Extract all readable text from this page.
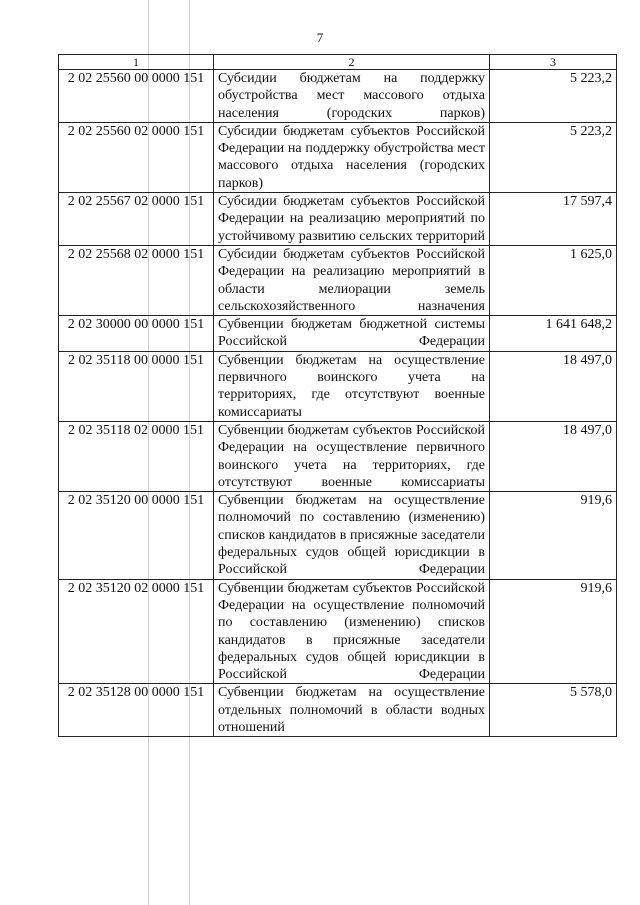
7
1	2	3
2 02 25560 00 0000 151	Субсидии бюджетам на поддержку обустройства мест массового отдыха населения (городских парков)	5 223,2
2 02 25560 02 0000 151	Субсидии бюджетам субъектов Российской Федерации на поддержку обустройства мест массового отдыха населения (городских парков)	5 223,2
2 02 25567 02 0000 151	Субсидии бюджетам субъектов Российской Федерации на реализацию мероприятий по устойчивому развитию сельских территорий	17 597,4
2 02 25568 02 0000 151	Субсидии бюджетам субъектов Российской Федерации на реализацию мероприятий в области мелиорации земель сельскохозяйственного назначения	1 625,0
2 02 30000 00 0000 151	Субвенции бюджетам бюджетной системы Российской Федерации	1 641 648,2
2 02 35118 00 0000 151	Субвенции бюджетам на осуществление первичного воинского учета на территориях, где отсутствуют военные комиссариаты	18 497,0
2 02 35118 02 0000 151	Субвенции бюджетам субъектов Российской Федерации на осуществление первичного воинского учета на территориях, где отсутствуют военные комиссариаты	18 497,0
2 02 35120 00 0000 151	Субвенции бюджетам на осуществление полномочий по составлению (изменению) списков кандидатов в присяжные заседатели федеральных судов общей юрисдикции в Российской Федерации	919,6
2 02 35120 02 0000 151	Субвенции бюджетам субъектов Российской Федерации на осуществление полномочий по составлению (изменению) списков кандидатов в присяжные заседатели федеральных судов общей юрисдикции в Российской Федерации	919,6
2 02 35128 00 0000 151	Субвенции бюджетам на осуществление отдельных полномочий в области водных отношений	5 578,0
